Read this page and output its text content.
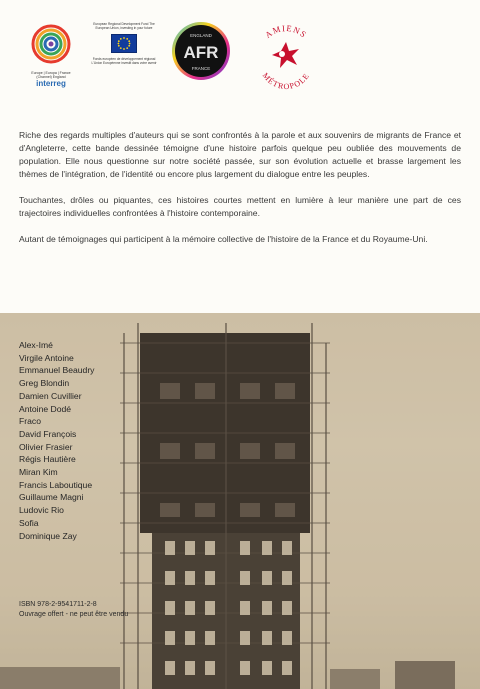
Europe | Europa | France (Channel) England
interreg
European Regional Development Fund The European Union, investing in your future
Fonds européen de développement régional L'Union Européenne investit dans votre avenir
ENGLAND
AFR
FRANCE
AMIENS
MÉTROPOLE

Riche des regards multiples d'auteurs qui se sont confrontés à la parole et aux souvenirs de migrants de France et d'Angleterre, cette bande dessinée témoigne d'une histoire parfois quelque peu oubliée des mouvements de population. Elle nous questionne sur notre société passée, sur son évolution actuelle et brasse largement les thèmes de l'intégration, de l'identité ou encore plus largement du dialogue entre les peuples.

Touchantes, drôles ou piquantes, ces histoires courtes mettent en lumière à leur manière une part de ces trajectoires individuelles confrontées à l'histoire contemporaine.

Autant de témoignages qui participent à la mémoire collective de l'histoire de la France et du Royaume-Uni.

Alex-Imé
Virgile Antoine
Emmanuel Beaudry
Greg Blondin
Damien Cuvillier
Antoine Dodé
Fraco
David François
Olivier Frasier
Régis Hautière
Miran Kim
Francis Laboutique
Guillaume Magni
Ludovic Rio
Sofia
Dominique Zay
ISBN 978-2-9541711-2-8
Ouvrage offert - ne peut être vendu
